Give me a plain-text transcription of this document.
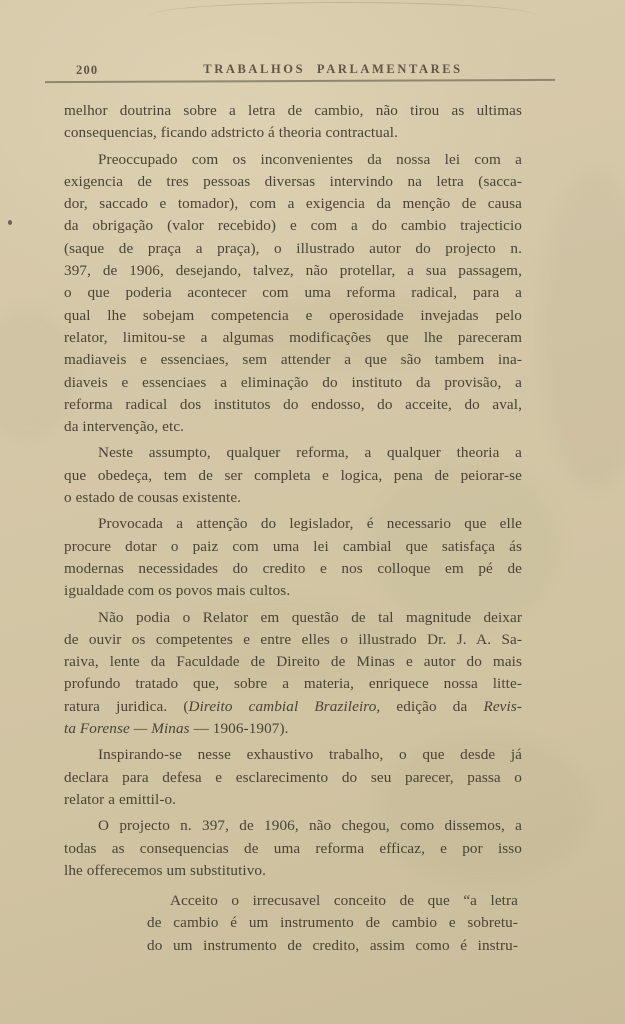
200	TRABALHOS PARLAMENTARES
melhor doutrina sobre a letra de cambio, não tirou as ultimas
consequencias, ficando adstricto á theoria contractual.
Preoccupado com os inconvenientes da nossa lei com a
exigencia de tres pessoas diversas intervindo na letra (sacca-
dor, saccado e tomador), com a exigencia da menção de causa
da obrigação (valor recebido) e com a do cambio trajecticio
(saque de praça a praça), o illustrado autor do projecto n.
397, de 1906, desejando, talvez, não protellar, a sua passagem,
o que poderia acontecer com uma reforma radical, para a
qual lhe sobejam competencia e operosidade invejadas pelo
relator, limitou-se a algumas modificações que lhe pareceram
madiaveis e essenciaes, sem attender a que são tambem ina-
diaveis e essenciaes a eliminação do instituto da provisão, a
reforma radical dos institutos do endosso, do acceite, do aval,
da intervenção, etc.
Neste assumpto, qualquer reforma, a qualquer theoria a
que obedeça, tem de ser completa e logica, pena de peiorar-se
o estado de cousas existente.
Provocada a attenção do legislador, é necessario que elle
procure dotar o paiz com uma lei cambial que satisfaça ás
modernas necessidades do credito e nos colloque em pé de
igualdade com os povos mais cultos.
Não podia o Relator em questão de tal magnitude deixar
de ouvir os competentes e entre elles o illustrado Dr. J. A. Sa-
raiva, lente da Faculdade de Direito de Minas e autor do mais
profundo tratado que, sobre a materia, enriquece nossa litte-
ratura juridica. (Direito cambial Brazileiro, edição da Revis-
ta Forense — Minas — 1906-1907).
Inspirando-se nesse exhaustivo trabalho, o que desde já
declara para defesa e esclarecimento do seu parecer, passa o
relator a emittil-o.
O projecto n. 397, de 1906, não chegou, como dissemos, a
todas as consequencias de uma reforma efficaz, e por isso
lhe offerecemos um substitutivo.
Acceito o irrecusavel conceito de que “a letra
de cambio é um instrumento de cambio e sobretu-
do um instrumento de credito, assim como é instru-
